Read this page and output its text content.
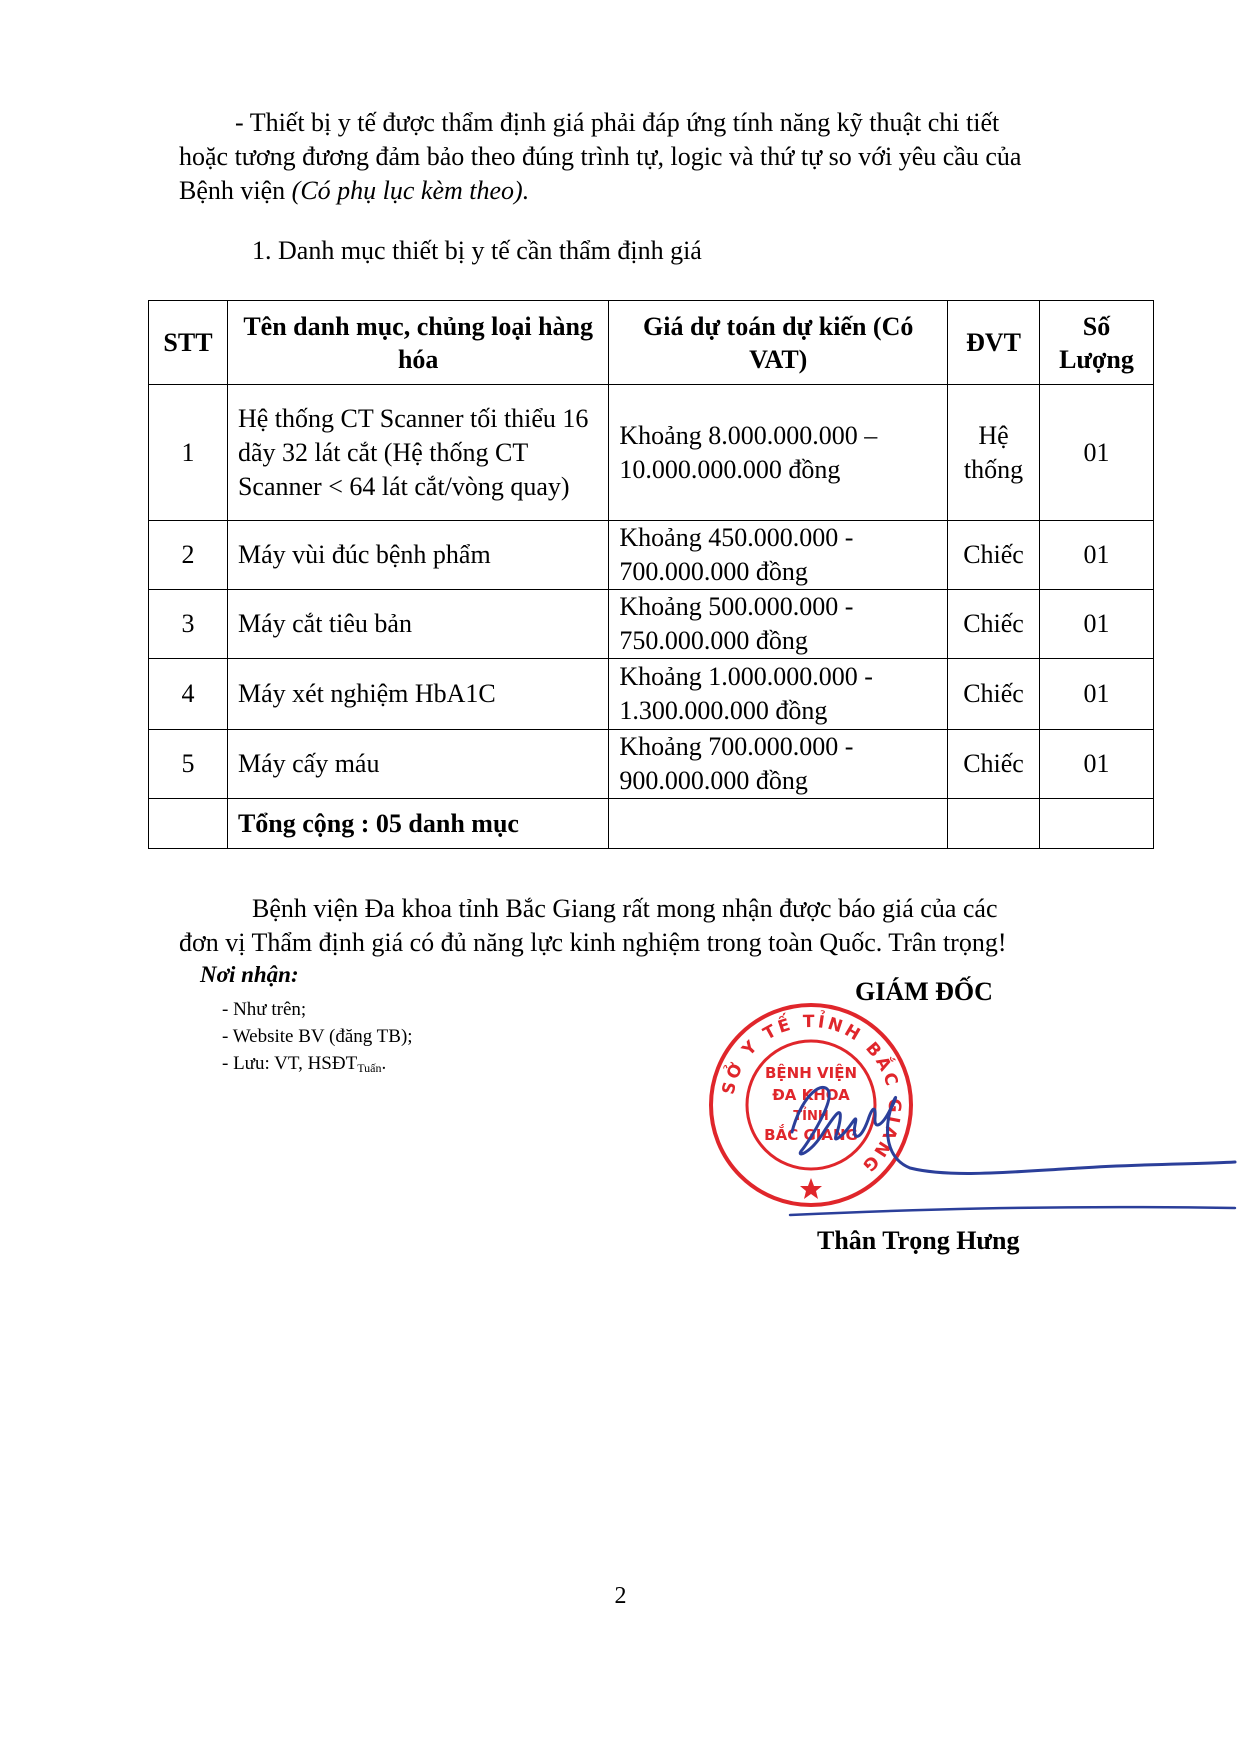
- Thiết bị y tế được thẩm định giá phải đáp ứng tính năng kỹ thuật chi tiết

hoặc tương đương đảm bảo theo đúng trình tự, logic và thứ tự so với yêu cầu của

Bệnh viện (Có phụ lục kèm theo).

1. Danh mục thiết bị y tế cần thẩm định giá

STT	Tên danh mục, chủng loại hàng hóa	Giá dự toán dự kiến (Có VAT)	ĐVT	Số Lượng
1	Hệ thống CT Scanner tối thiểu 16 dãy 32 lát cắt (Hệ thống CT Scanner < 64 lát cắt/vòng quay)	Khoảng 8.000.000.000 – 10.000.000.000 đồng	Hệ thống	01
2	Máy vùi đúc bệnh phẩm	Khoảng 450.000.000 - 700.000.000 đồng	Chiếc	01
3	Máy cắt tiêu bản	Khoảng 500.000.000 - 750.000.000 đồng	Chiếc	01
4	Máy xét nghiệm HbA1C	Khoảng 1.000.000.000 - 1.300.000.000 đồng	Chiếc	01
5	Máy cấy máu	Khoảng 700.000.000 - 900.000.000 đồng	Chiếc	01
	Tổng cộng : 05 danh mục			

Bệnh viện Đa khoa tỉnh Bắc Giang rất mong nhận được báo giá của các

đơn vị Thẩm định giá có đủ năng lực kinh nghiệm trong toàn Quốc. Trân trọng!

Nơi nhận:
- Như trên;
- Website BV (đăng TB);
- Lưu: VT, $HSĐT_{Tuấn}$.
GIÁM ĐỐC
SỞ Y TẾ TỈNH BẮC GIANG
BỆNH VIỆN
ĐA KHOA
TỈNH
BẮC GIANG
Thân Trọng Hưng
2
